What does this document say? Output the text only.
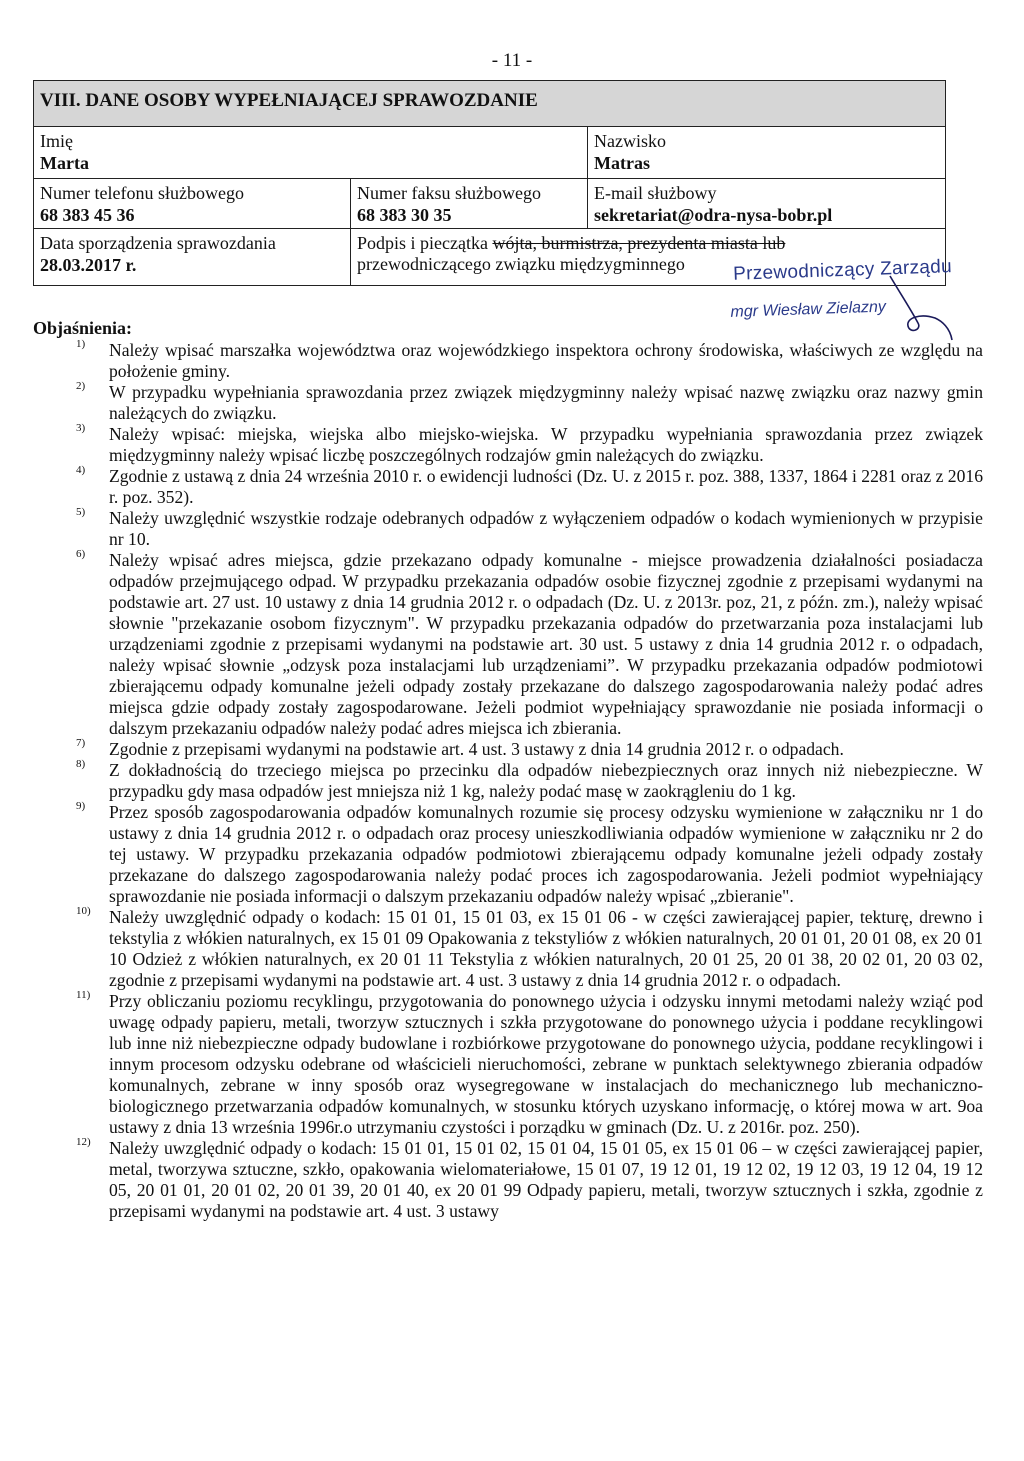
- 11 -
VIII. DANE OSOBY WYPEŁNIAJĄCEJ SPRAWOZDANIE
Imię
Marta
Nazwisko
Matras
Numer telefonu służbowego
68 383 45 36
Numer faksu służbowego
68 383 30 35
E-mail służbowy
sekretariat@odra-nysa-bobr.pl
Data sporządzenia sprawozdania
28.03.2017 r.
Podpis i pieczątka wójta, burmistrza, prezydenta miasta lub
przewodniczącego związku międzygminnego	Przewodniczący Zarządu
mgr Wiesław Zielazny
Objaśnienia:
1) Należy wpisać marszałka województwa oraz wojewódzkiego inspektora ochrony środowiska, właściwych ze względu na położenie gminy.
2) W przypadku wypełniania sprawozdania przez związek międzygminny należy wpisać nazwę związku oraz nazwy gmin należących do związku.
3) Należy wpisać: miejska, wiejska albo miejsko-wiejska. W przypadku wypełniania sprawozdania przez związek międzygminny należy wpisać liczbę poszczególnych rodzajów gmin należących do związku.
4) Zgodnie z ustawą z dnia 24 września 2010 r. o ewidencji ludności (Dz. U. z 2015 r. poz. 388, 1337, 1864 i 2281 oraz z 2016 r. poz. 352).
5) Należy uwzględnić wszystkie rodzaje odebranych odpadów z wyłączeniem odpadów o kodach wymienionych w przypisie nr 10.
6) Należy wpisać adres miejsca, gdzie przekazano odpady komunalne - miejsce prowadzenia działalności posiadacza odpadów przejmującego odpad. W przypadku przekazania odpadów osobie fizycznej zgodnie z przepisami wydanymi na podstawie art. 27 ust. 10 ustawy z dnia 14 grudnia 2012 r. o odpadach (Dz. U. z 2013r. poz, 21, z późn. zm.), należy wpisać słownie "przekazanie osobom fizycznym". W przypadku przekazania odpadów do przetwarzania poza instalacjami lub urządzeniami zgodnie z przepisami wydanymi na podstawie art. 30 ust. 5 ustawy z dnia 14 grudnia 2012 r. o odpadach, należy wpisać słownie „odzysk poza instalacjami lub urządzeniami”. W przypadku przekazania odpadów podmiotowi zbierającemu odpady komunalne jeżeli odpady zostały przekazane do dalszego zagospodarowania należy podać adres miejsca gdzie odpady zostały zagospodarowane. Jeżeli podmiot wypełniający sprawozdanie nie posiada informacji o dalszym przekazaniu odpadów należy podać adres miejsca ich zbierania.
7) Zgodnie z przepisami wydanymi na podstawie art. 4 ust. 3 ustawy z dnia 14 grudnia 2012 r. o odpadach.
8) Z dokładnością do trzeciego miejsca po przecinku dla odpadów niebezpiecznych oraz innych niż niebezpieczne. W przypadku gdy masa odpadów jest mniejsza niż 1 kg, należy podać masę w zaokrągleniu do 1 kg.
9) Przez sposób zagospodarowania odpadów komunalnych rozumie się procesy odzysku wymienione w załączniku nr 1 do ustawy z dnia 14 grudnia 2012 r. o odpadach oraz procesy unieszkodliwiania odpadów wymienione w załączniku nr 2 do tej ustawy. W przypadku przekazania odpadów podmiotowi zbierającemu odpady komunalne jeżeli odpady zostały przekazane do dalszego zagospodarowania należy podać proces ich zagospodarowania. Jeżeli podmiot wypełniający sprawozdanie nie posiada informacji o dalszym przekazaniu odpadów należy wpisać „zbieranie".
10) Należy uwzględnić odpady o kodach: 15 01 01, 15 01 03, ex 15 01 06 - w części zawierającej papier, tekturę, drewno i tekstylia z włókien naturalnych, ex 15 01 09 Opakowania z tekstyliów z włókien naturalnych, 20 01 01, 20 01 08, ex 20 01 10 Odzież z włókien naturalnych, ex 20 01 11 Tekstylia z włókien naturalnych, 20 01 25, 20 01 38, 20 02 01, 20 03 02, zgodnie z przepisami wydanymi na podstawie art. 4 ust. 3 ustawy z dnia 14 grudnia 2012 r. o odpadach.
11) Przy obliczaniu poziomu recyklingu, przygotowania do ponownego użycia i odzysku innymi metodami należy wziąć pod uwagę odpady papieru, metali, tworzyw sztucznych i szkła przygotowane do ponownego użycia i poddane recyklingowi lub inne niż niebezpieczne odpady budowlane i rozbiórkowe przygotowane do ponownego użycia, poddane recyklingowi i innym procesom odzysku odebrane od właścicieli nieruchomości, zebrane w punktach selektywnego zbierania odpadów komunalnych, zebrane w inny sposób oraz wysegregowane w instalacjach do mechanicznego lub mechaniczno-biologicznego przetwarzania odpadów komunalnych, w stosunku których uzyskano informację, o której mowa w art. 9oa ustawy z dnia 13 września 1996r.o utrzymaniu czystości i porządku w gminach (Dz. U. z 2016r. poz. 250).
12) Należy uwzględnić odpady o kodach: 15 01 01, 15 01 02, 15 01 04, 15 01 05, ex 15 01 06 – w części zawierającej papier, metal, tworzywa sztuczne, szkło, opakowania wielomateriałowe, 15 01 07, 19 12 01, 19 12 02, 19 12 03, 19 12 04, 19 12 05, 20 01 01, 20 01 02, 20 01 39, 20 01 40, ex 20 01 99 Odpady papieru, metali, tworzyw sztucznych i szkła, zgodnie z przepisami wydanymi na podstawie art. 4 ust. 3 ustawy
